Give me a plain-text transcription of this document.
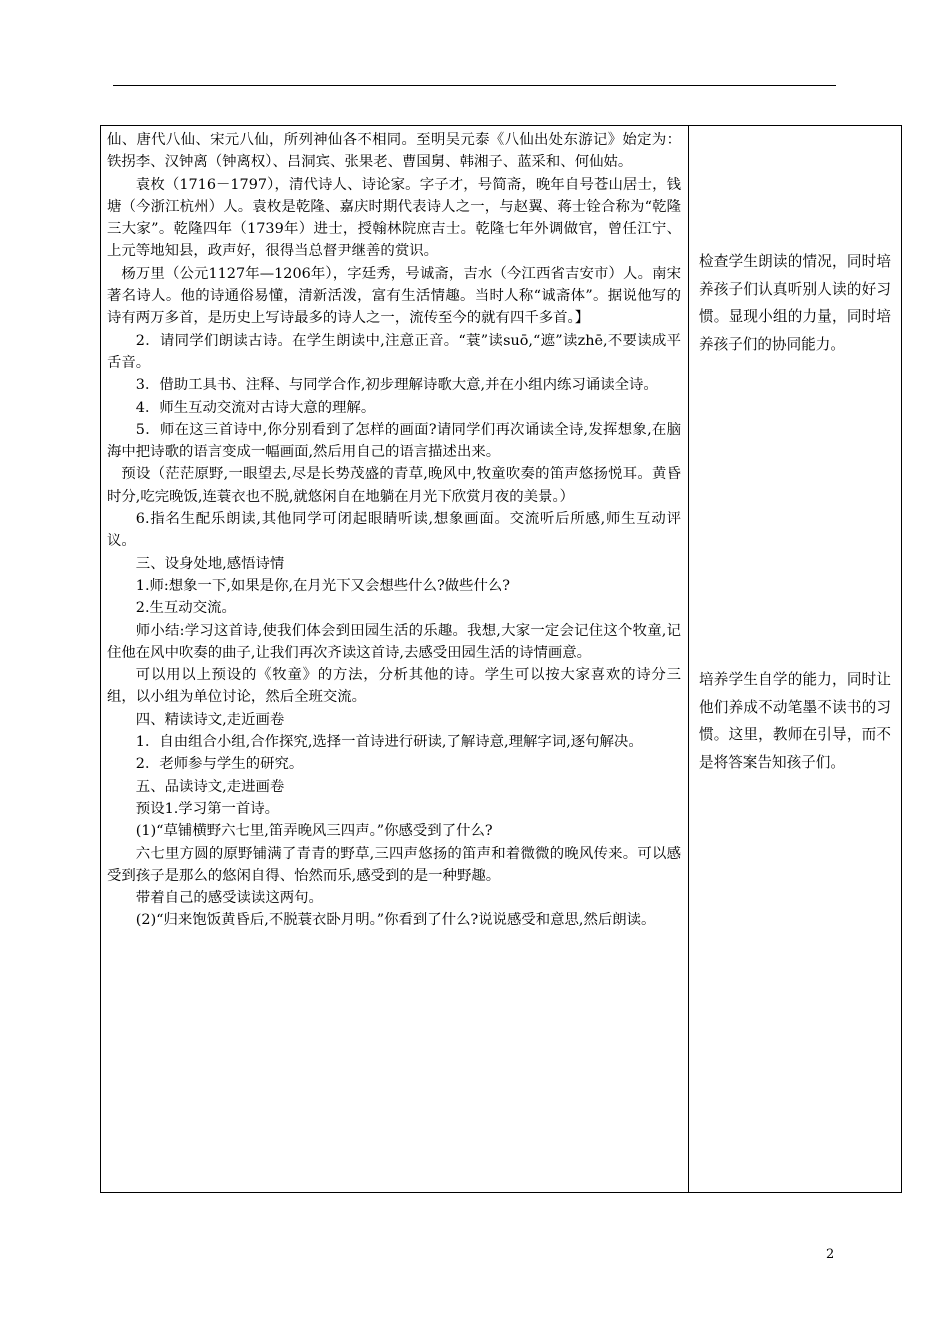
仙、唐代八仙、宋元八仙，所列神仙各不相同。至明吴元泰《八仙出处东游记》始定为：铁拐李、汉钟离（钟离权）、吕洞宾、张果老、曹国舅、韩湘子、蓝采和、何仙姑。

袁枚（1716－1797），清代诗人、诗论家。字子才，号简斋，晚年自号苍山居士，钱塘（今浙江杭州）人。袁枚是乾隆、嘉庆时期代表诗人之一，与赵翼、蒋士铨合称为“乾隆三大家”。乾隆四年（1739年）进士，授翰林院庶吉士。乾隆七年外调做官，曾任江宁、上元等地知县，政声好，很得当总督尹继善的赏识。

杨万里（公元1127年—1206年），字廷秀，号诚斋，吉水（今江西省吉安市）人。南宋著名诗人。他的诗通俗易懂，清新活泼，富有生活情趣。当时人称“诚斋体”。据说他写的诗有两万多首，是历史上写诗最多的诗人之一，流传至今的就有四千多首。】

2．请同学们朗读古诗。在学生朗读中,注意正音。“蓑”读suō,“遮”读zhē,不要读成平舌音。

3．借助工具书、注释、与同学合作,初步理解诗歌大意,并在小组内练习诵读全诗。

4．师生互动交流对古诗大意的理解。

5．师在这三首诗中,你分别看到了怎样的画面?请同学们再次诵读全诗,发挥想象,在脑海中把诗歌的语言变成一幅画面,然后用自己的语言描述出来。

预设（茫茫原野,一眼望去,尽是长势茂盛的青草,晚风中,牧童吹奏的笛声悠扬悦耳。黄昏时分,吃完晚饭,连蓑衣也不脱,就悠闲自在地躺在月光下欣赏月夜的美景。）

6.指名生配乐朗读,其他同学可闭起眼睛听读,想象画面。交流听后所感,师生互动评议。

三、设身处地,感悟诗情

1.师:想象一下,如果是你,在月光下又会想些什么?做些什么?

2.生互动交流。

师小结:学习这首诗,使我们体会到田园生活的乐趣。我想,大家一定会记住这个牧童,记住他在风中吹奏的曲子,让我们再次齐读这首诗,去感受田园生活的诗情画意。

可以用以上预设的《牧童》的方法，分析其他的诗。学生可以按大家喜欢的诗分三组，以小组为单位讨论，然后全班交流。

四、精读诗文,走近画卷

1．自由组合小组,合作探究,选择一首诗进行研读,了解诗意,理解字词,逐句解决。

2．老师参与学生的研究。

五、品读诗文,走进画卷

预设1.学习第一首诗。

(1)“草铺横野六七里,笛弄晚风三四声。”你感受到了什么?

六七里方圆的原野铺满了青青的野草,三四声悠扬的笛声和着微微的晚风传来。可以感受到孩子是那么的悠闲自得、怡然而乐,感受到的是一种野趣。

带着自己的感受读读这两句。

(2)“归来饱饭黄昏后,不脱蓑衣卧月明。”你看到了什么?说说感受和意思,然后朗读。

检查学生朗读的情况，同时培养孩子们认真听别人读的好习惯。显现小组的力量，同时培养孩子们的协同能力。
培养学生自学的能力，同时让他们养成不动笔墨不读书的习惯。这里，教师在引导，而不是将答案告知孩子们。
2
